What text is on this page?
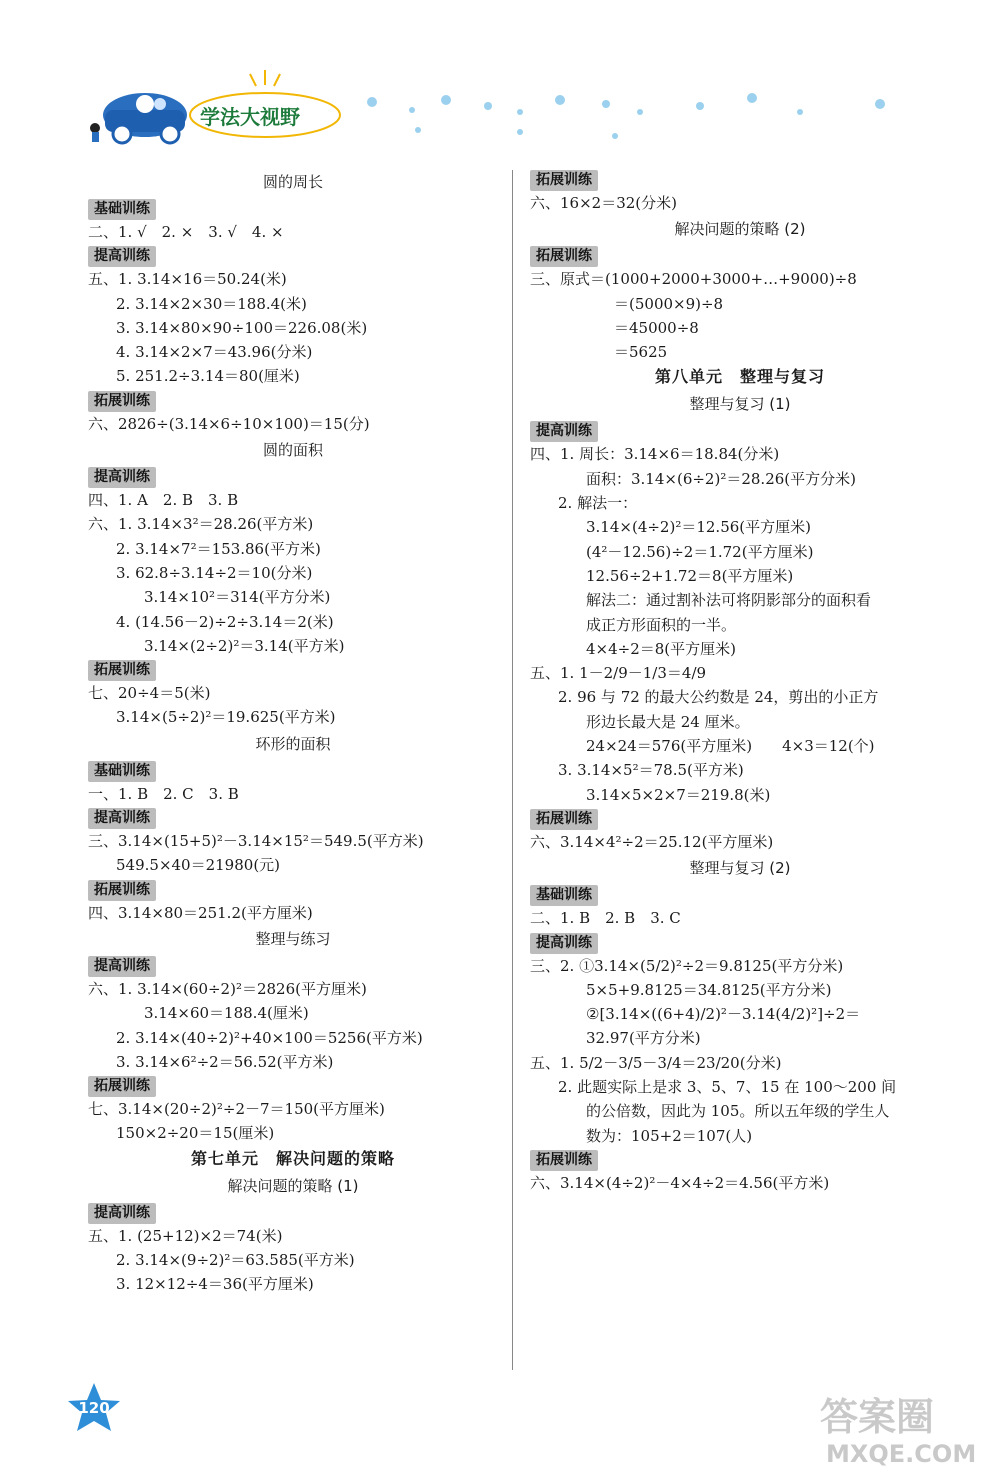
学法大视野
圆的周长
基础训练
二、1. √　2. ×　3. √　4. ×
提高训练
五、1. 3.14×16＝50.24(米)
2. 3.14×2×30＝188.4(米)
3. 3.14×80×90÷100＝226.08(米)
4. 3.14×2×7＝43.96(分米)
5. 251.2÷3.14＝80(厘米)
拓展训练
六、2826÷(3.14×6÷10×100)＝15(分)
圆的面积
提高训练
四、1. A　2. B　3. B
六、1. 3.14×3²＝28.26(平方米)
2. 3.14×7²＝153.86(平方米)
3. 62.8÷3.14÷2＝10(分米)
3.14×10²＝314(平方分米)
4. (14.56－2)÷2÷3.14＝2(米)
3.14×(2÷2)²＝3.14(平方米)
拓展训练
七、20÷4＝5(米)
3.14×(5÷2)²＝19.625(平方米)
环形的面积
基础训练
一、1. B　2. C　3. B
提高训练
三、3.14×(15+5)²－3.14×15²＝549.5(平方米)
549.5×40＝21980(元)
拓展训练
四、3.14×80＝251.2(平方厘米)
整理与练习
提高训练
六、1. 3.14×(60÷2)²＝2826(平方厘米)
3.14×60＝188.4(厘米)
2. 3.14×(40÷2)²+40×100＝5256(平方米)
3. 3.14×6²÷2＝56.52(平方米)
拓展训练
七、3.14×(20÷2)²÷2－7＝150(平方厘米)
150×2÷20＝15(厘米)
第七单元　解决问题的策略
解决问题的策略 (1)
提高训练
五、1. (25+12)×2＝74(米)
2. 3.14×(9÷2)²＝63.585(平方米)
3. 12×12÷4＝36(平方厘米)
拓展训练
六、16×2＝32(分米)
解决问题的策略 (2)
拓展训练
三、原式＝(1000+2000+3000+…+9000)÷8
＝(5000×9)÷8
＝45000÷8
＝5625
第八单元　整理与复习
整理与复习 (1)
提高训练
四、1. 周长：3.14×6＝18.84(分米)
面积：3.14×(6÷2)²＝28.26(平方分米)
2. 解法一：
3.14×(4÷2)²＝12.56(平方厘米)
(4²－12.56)÷2＝1.72(平方厘米)
12.56÷2+1.72＝8(平方厘米)
解法二：通过割补法可将阴影部分的面积看
成正方形面积的一半。
4×4÷2＝8(平方厘米)
五、1. 1－2/9－1/3＝4/9
2. 96 与 72 的最大公约数是 24，剪出的小正方
形边长最大是 24 厘米。
24×24＝576(平方厘米)　　4×3＝12(个)
3. 3.14×5²＝78.5(平方米)
3.14×5×2×7＝219.8(米)
拓展训练
六、3.14×4²÷2＝25.12(平方厘米)
整理与复习 (2)
基础训练
二、1. B　2. B　3. C
提高训练
三、2. ①3.14×(5/2)²÷2＝9.8125(平方分米)
5×5+9.8125＝34.8125(平方分米)
②[3.14×((6+4)/2)²－3.14(4/2)²]÷2＝
32.97(平方分米)
五、1. 5/2－3/5－3/4＝23/20(分米)
2. 此题实际上是求 3、5、7、15 在 100～200 间
的公倍数，因此为 105。所以五年级的学生人
数为：105+2＝107(人)
拓展训练
六、3.14×(4÷2)²－4×4÷2＝4.56(平方米)
120	答案圈
MXQE.COM
